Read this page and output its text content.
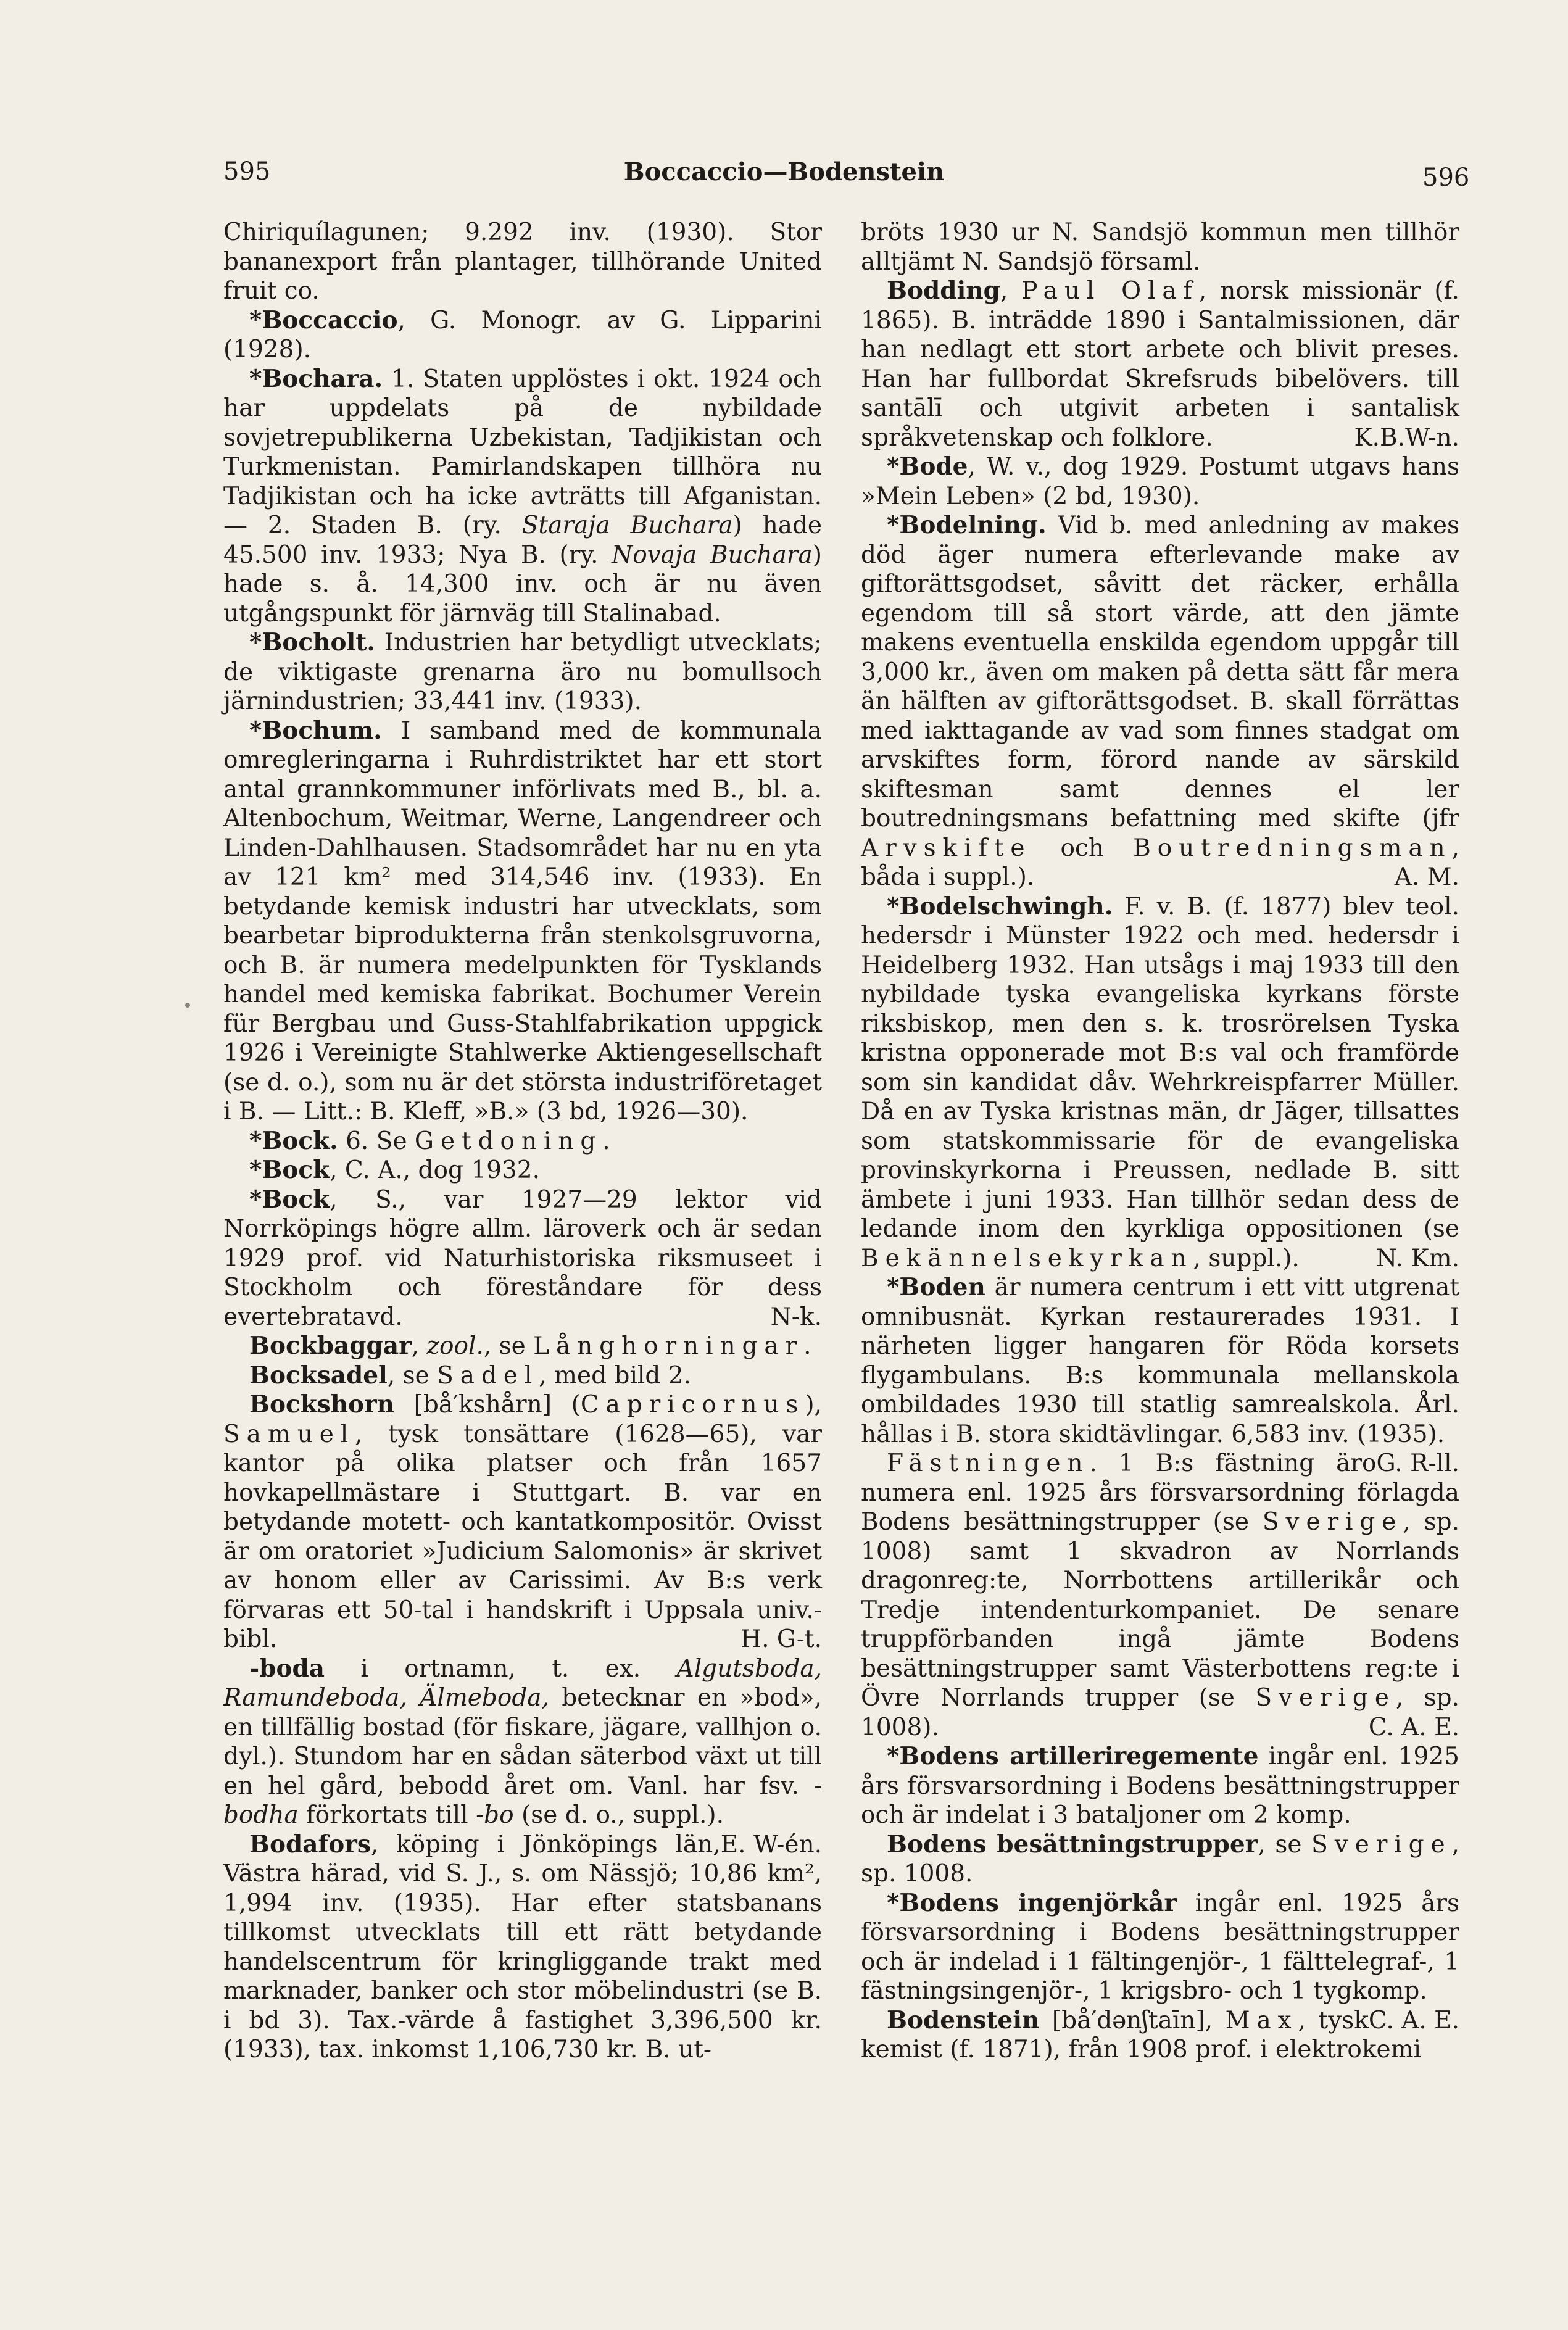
595	Boccaccio—Bodenstein	596

Chiriquílagunen; 9.292 inv. (1930). Stor bananexport från plantager, tillhörande United fruit co.

*Boccaccio, G. Monogr. av G. Lipparini (1928).

*Bochara. 1. Staten upplöstes i okt. 1924 och har uppdelats på de nybildade sovjetrepublikerna Uzbekistan, Tadjikistan och Turkmenistan. Pamirlandskapen tillhöra nu Tadjikistan och ha icke avträtts till Afganistan. — 2. Staden B. (ry. Staraja Buchara) hade 45.500 inv. 1933; Nya B. (ry. Novaja Buchara) hade s. å. 14,300 inv. och är nu även utgångspunkt för järnväg till Stalinabad.

*Bocholt. Industrien har betydligt utvecklats; de viktigaste grenarna äro nu bomullsoch järnindustrien; 33,441 inv. (1933).

*Bochum. I samband med de kommunala omregleringarna i Ruhrdistriktet har ett stort antal grannkommuner införlivats med B., bl. a. Altenbochum, Weitmar, Werne, Langendreer och Linden-Dahlhausen. Stadsområdet har nu en yta av 121 km² med 314,546 inv. (1933). En betydande kemisk industri har utvecklats, som bearbetar biprodukterna från stenkolsgruvorna, och B. är numera medelpunkten för Tysklands handel med kemiska fabrikat. Bochumer Verein für Bergbau und Guss-Stahlfabrikation uppgick 1926 i Vereinigte Stahlwerke Aktiengesellschaft (se d. o.), som nu är det största industriföretaget i B. — Litt.: B. Kleff, »B.» (3 bd, 1926—30).

*Bock. 6. Se Getdoning.

*Bock, C. A., dog 1932.

*Bock, S., var 1927—29 lektor vid Norrköpings högre allm. läroverk och är sedan 1929 prof. vid Naturhistoriska riksmuseet i Stockholm och föreståndare för dess evertebratavd.	N-k.

Bockbaggar, zool., se Långhorningar.

Bocksadel, se Sadel, med bild 2.

Bockshorn [bå′kshårn] (Capricornus), Samuel, tysk tonsättare (1628—65), var kantor på olika platser och från 1657 hovkapellmästare i Stuttgart. B. var en betydande motett- och kantatkompositör. Ovisst är om oratoriet »Judicium Salomonis» är skrivet av honom eller av Carissimi. Av B:s verk förvaras ett 50-tal i handskrift i Uppsala univ.-bibl.	H. G-t.

-boda i ortnamn, t. ex. Algutsboda, Ramundeboda, Älmeboda, betecknar en »bod», en tillfällig bostad (för fiskare, jägare, vallhjon o. dyl.). Stundom har en sådan säterbod växt ut till en hel gård, bebodd året om. Vanl. har fsv. -bodha förkortats till -bo (se d. o., suppl.).
E. W-én.

Bodafors, köping i Jönköpings län, Västra härad, vid S. J., s. om Nässjö; 10,86 km², 1,994 inv. (1935). Har efter statsbanans tillkomst utvecklats till ett rätt betydande handelscentrum för kringliggande trakt med marknader, banker och stor möbelindustri (se B. i bd 3). Tax.-värde å fastighet 3,396,500 kr. (1933), tax. inkomst 1,106,730 kr. B. ut-

bröts 1930 ur N. Sandsjö kommun men tillhör alltjämt N. Sandsjö församl.

Bodding, Paul Olaf, norsk missionär (f. 1865). B. inträdde 1890 i Santalmissionen, där han nedlagt ett stort arbete och blivit preses. Han har fullbordat Skrefsruds bibelövers. till santālī och utgivit arbeten i santalisk språkvetenskap och folklore.	K.B.W-n.

*Bode, W. v., dog 1929. Postumt utgavs hans »Mein Leben» (2 bd, 1930).

*Bodelning. Vid b. med anledning av makes död äger numera efterlevande make av giftorättsgodset, såvitt det räcker, erhålla egendom till så stort värde, att den jämte makens eventuella enskilda egendom uppgår till 3,000 kr., även om maken på detta sätt får mera än hälften av giftorättsgodset. B. skall förrättas med iakttagande av vad som finnes stadgat om arvskiftes form, förord nande av särskild skiftesman samt dennes el ler boutredningsmans befattning med skifte (jfr Arvskifte och Boutredningsman, båda i suppl.).	A. M.

*Bodelschwingh. F. v. B. (f. 1877) blev teol. hedersdr i Münster 1922 och med. hedersdr i Heidelberg 1932. Han utsågs i maj 1933 till den nybildade tyska evangeliska kyrkans förste riksbiskop, men den s. k. trosrörelsen Tyska kristna opponerade mot B:s val och framförde som sin kandidat dåv. Wehrkreispfarrer Müller. Då en av Tyska kristnas män, dr Jäger, tillsattes som statskommissarie för de evangeliska provinskyrkorna i Preussen, nedlade B. sitt ämbete i juni 1933. Han tillhör sedan dess de ledande inom den kyrkliga oppositionen (se Bekännelsekyrkan, suppl.).	N. Km.

*Boden är numera centrum i ett vitt utgrenat omnibusnät. Kyrkan restaurerades 1931. I närheten ligger hangaren för Röda korsets flygambulans. B:s kommunala mellanskola ombildades 1930 till statlig samrealskola. Årl. hållas i B. stora skidtävlingar. 6,583 inv. (1935).
G. R-ll.

Fästningen. 1 B:s fästning äro numera enl. 1925 års försvarsordning förlagda Bodens besättningstrupper (se Sverige, sp. 1008) samt 1 skvadron av Norrlands dragonreg:te, Norrbottens artillerikår och Tredje intendenturkompaniet. De senare truppförbanden ingå jämte Bodens besättningstrupper samt Västerbottens reg:te i Övre Norrlands trupper (se Sverige, sp. 1008).	C. A. E.

*Bodens artilleriregemente ingår enl. 1925 års försvarsordning i Bodens besättningstrupper och är indelat i 3 bataljoner om 2 komp.

Bodens besättningstrupper, se Sverige, sp. 1008.

*Bodens ingenjörkår ingår enl. 1925 års försvarsordning i Bodens besättningstrupper och är indelad i 1 fältingenjör-, 1 fälttelegraf-, 1 fästningsingenjör-, 1 krigsbro- och 1 tygkomp.
C. A. E.

Bodenstein [bå′dənʃtaīn], Max, tysk kemist (f. 1871), från 1908 prof. i elektrokemi
